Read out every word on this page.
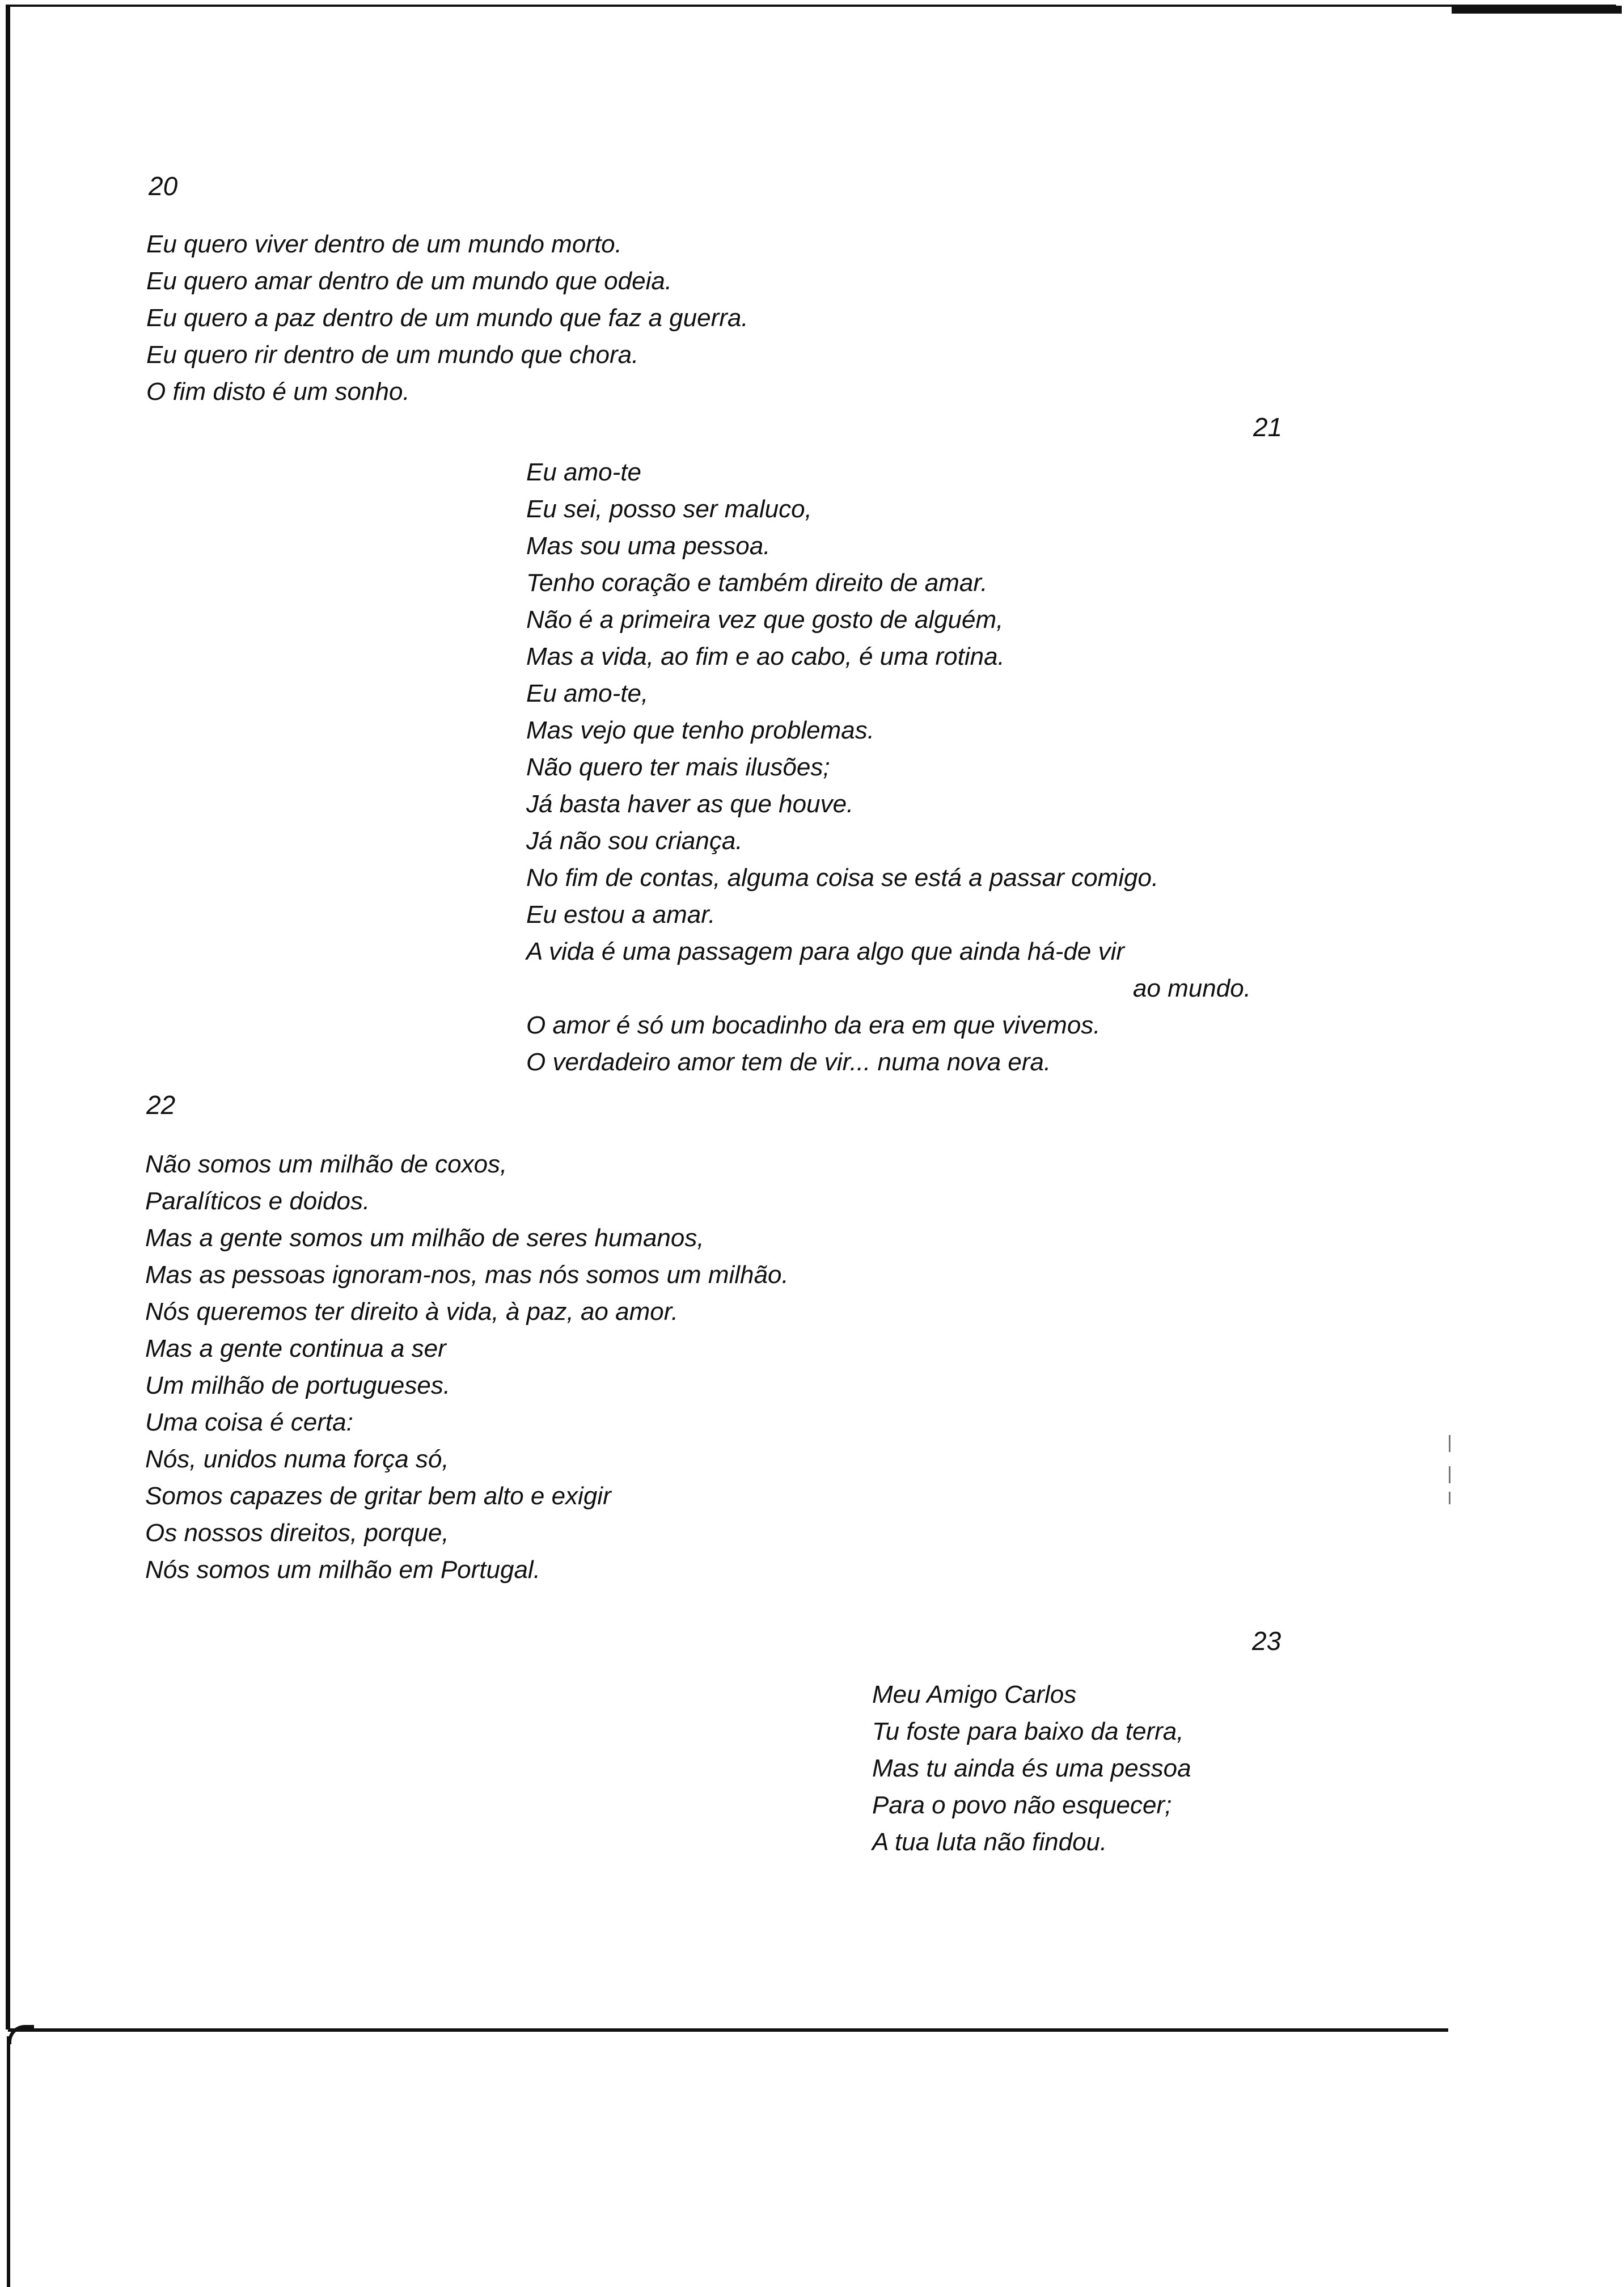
20
Eu quero viver dentro de um mundo morto.
Eu quero amar dentro de um mundo que odeia.
Eu quero a paz dentro de um mundo que faz a guerra.
Eu quero rir dentro de um mundo que chora.
O fim disto é um sonho.
21
Eu amo-te
Eu sei, posso ser maluco,
Mas sou uma pessoa.
Tenho coração e também direito de amar.
Não é a primeira vez que gosto de alguém,
Mas a vida, ao fim e ao cabo, é uma rotina.
Eu amo-te,
Mas vejo que tenho problemas.
Não quero ter mais ilusões;
Já basta haver as que houve.
Já não sou criança.
No fim de contas, alguma coisa se está a passar comigo.
Eu estou a amar.
A vida é uma passagem para algo que ainda há-de vir
ao mundo.
O amor é só um bocadinho da era em que vivemos.
O verdadeiro amor tem de vir... numa nova era.
22
Não somos um milhão de coxos,
Paralíticos e doidos.
Mas a gente somos um milhão de seres humanos,
Mas as pessoas ignoram-nos, mas nós somos um milhão.
Nós queremos ter direito à vida, à paz, ao amor.
Mas a gente continua a ser
Um milhão de portugueses.
Uma coisa é certa:
Nós, unidos numa força só,
Somos capazes de gritar bem alto e exigir
Os nossos direitos, porque,
Nós somos um milhão em Portugal.
23
Meu Amigo Carlos
Tu foste para baixo da terra,
Mas tu ainda és uma pessoa
Para o povo não esquecer;
A tua luta não findou.
